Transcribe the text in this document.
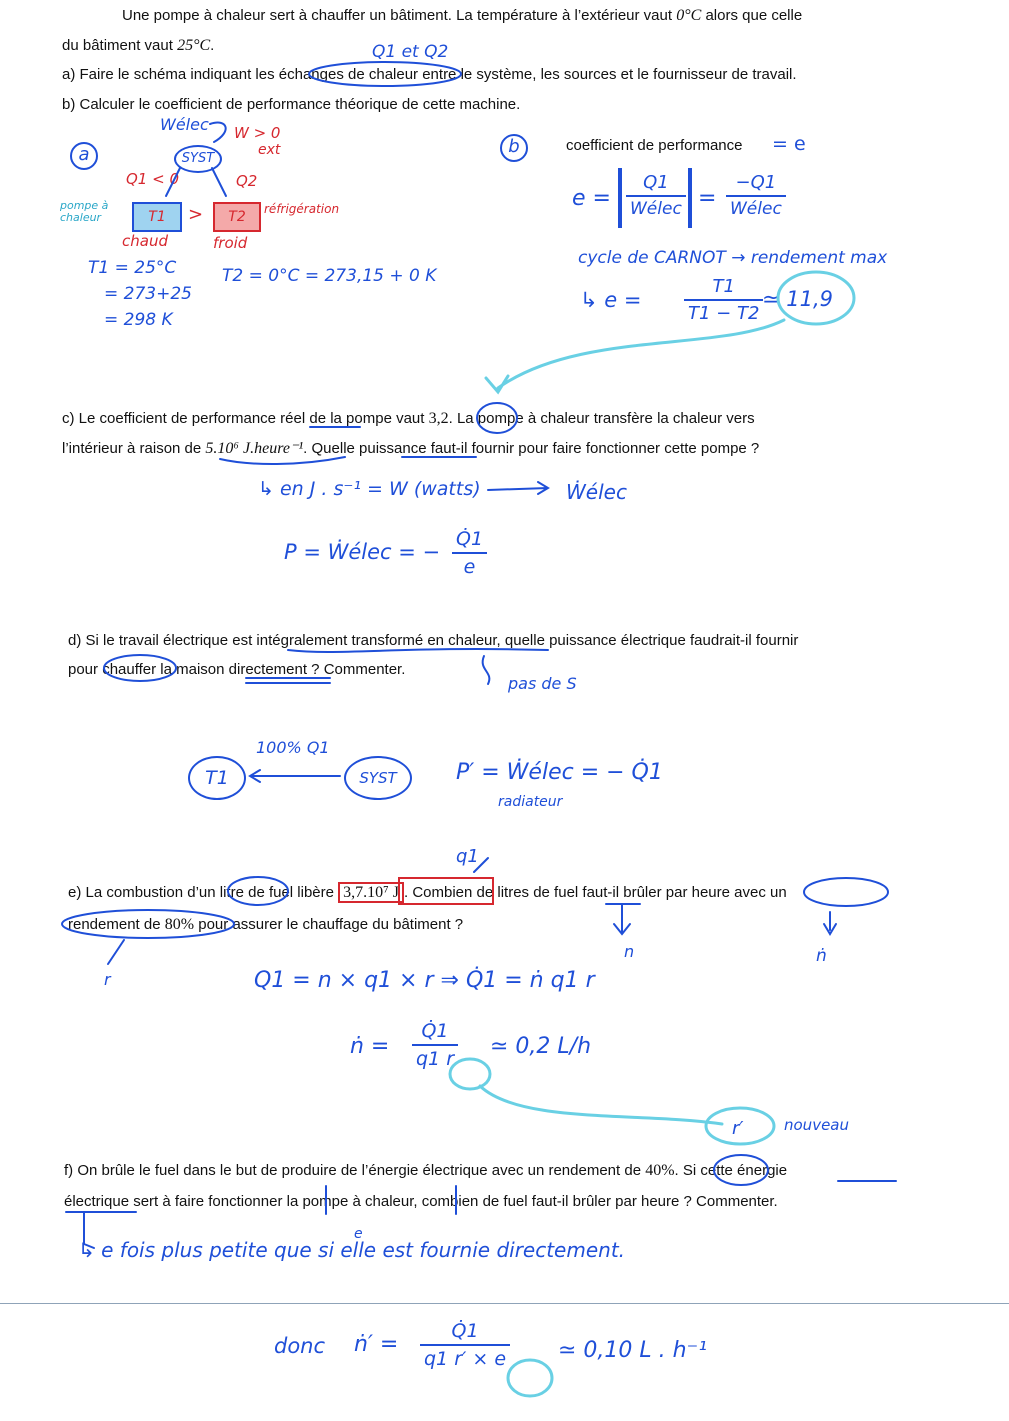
Une pompe à chaleur sert à chauffer un bâtiment. La température à l’extérieur vaut 0°C alors que celle
du bâtiment vaut 25°C.
a) Faire le schéma indiquant les échanges de chaleur entre le système, les sources et le fournisseur de travail.
b) Calculer le coefficient de performance théorique de cette machine.
c) Le coefficient de performance réel de la pompe vaut 3,2. La pompe à chaleur transfère la chaleur vers
l’intérieur à raison de 5.10⁶ J.heure⁻¹. Quelle puissance faut-il fournir pour faire fonctionner cette pompe ?
d) Si le travail électrique est intégralement transformé en chaleur, quelle puissance électrique faudrait-il fournir
pour chauffer la maison directement ? Commenter.
e) La combustion d’un litre de fuel libère 3,7.10⁷ J . Combien de litres de fuel faut-il brûler par heure avec un
rendement de 80% pour assurer le chauffage du bâtiment ?
f) On brûle le fuel dans le but de produire de l’énergie électrique avec un rendement de 40%. Si cette énergie
électrique sert à faire fonctionner la pompe à chaleur, combien de fuel faut-il brûler par heure ? Commenter.
Q1 et Q2
a
Wélec W > 0
ext
SYST
Q1 < 0	Q2
T1	>	T2
pompe à chaleur
réfrigération
chaud	froid
T1 = 25°C
= 273+25
= 298 K
T2 = 0°C = 273,15 + 0 K
b	coefficient de performance = e
e =
Q1
Wélec =
−Q1
Wélec
cycle de CARNOT → rendement max
↳ e =
T1
T1 − T2
≃ 11,9
↳ en J . s⁻¹ = W (watts)	Ẇélec
P = Ẇélec = −
Q̇1
e
pas de S
T1
100% Q1
SYST	P′ = Ẇélec = − Q̇1
radiateur
q1
n	ṅ
r	Q1 = n × q1 × r ⇒ Q̇1 = ṅ q1 r
ṅ =
Q̇1
q1 r ≃ 0,2 L/h
r′	nouveau
e
↳ e fois plus petite que si elle est fournie directement.
donc ṅ′ =
Q̇1
q1 r′ × e ≃ 0,10 L . h⁻¹
